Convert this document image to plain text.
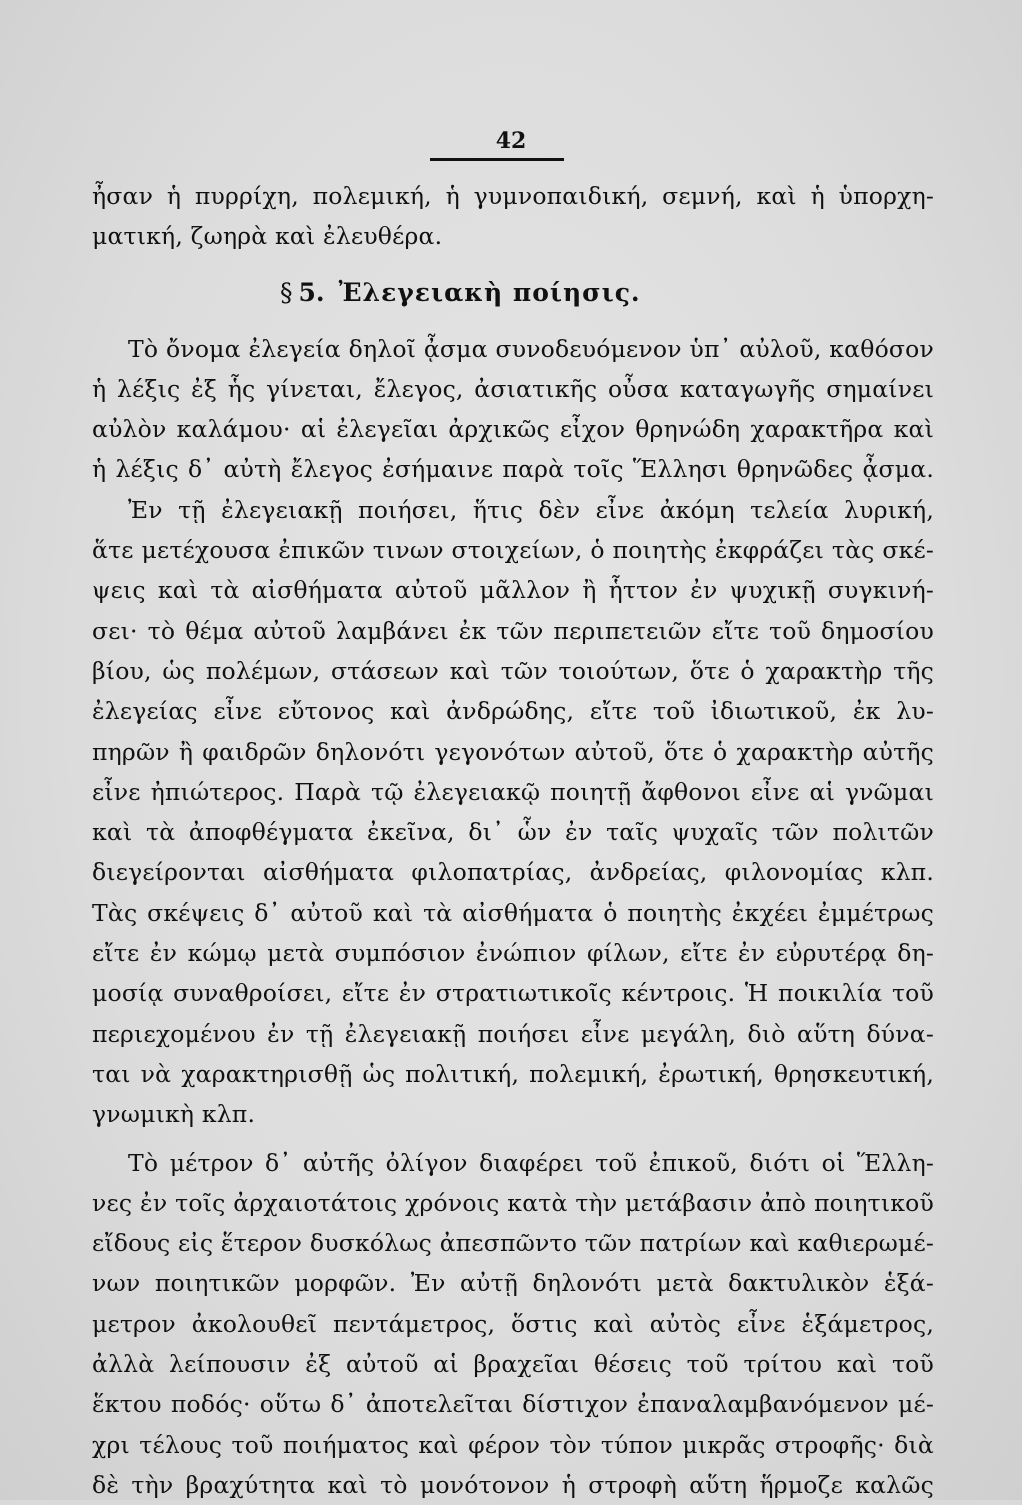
42
ἦσαν ἡ πυρρίχη, πολεμική, ἡ γυμνοπαιδική, σεμνή, καὶ ἡ ὑπορχη-
ματική, ζωηρὰ καὶ ἐλευθέρα.
§ 5. Ἐλεγειακὴ ποίησις.
Τὸ ὄνομα ἐλεγεία δηλοῖ ᾆσμα συνοδευόμενον ὑπ᾽ αὐλοῦ, καθόσον
ἡ λέξις ἐξ ἧς γίνεται, ἔλεγος, ἀσιατικῆς οὖσα καταγωγῆς σημαίνει
αὐλὸν καλάμου· αἱ ἐλεγεῖαι ἀρχικῶς εἶχον θρηνώδη χαρακτῆρα καὶ
ἡ λέξις δ᾽ αὐτὴ ἔλεγος ἐσήμαινε παρὰ τοῖς Ἕλλησι θρηνῶδες ᾆσμα.
Ἐν τῇ ἐλεγειακῇ ποιήσει, ἥτις δὲν εἶνε ἀκόμη τελεία λυρική,
ἅτε μετέχουσα ἐπικῶν τινων στοιχείων, ὁ ποιητὴς ἐκφράζει τὰς σκέ-
ψεις καὶ τὰ αἰσθήματα αὐτοῦ μᾶλλον ἢ ἧττον ἐν ψυχικῇ συγκινή-
σει· τὸ θέμα αὐτοῦ λαμβάνει ἐκ τῶν περιπετειῶν εἴτε τοῦ δημοσίου
βίου, ὡς πολέμων, στάσεων καὶ τῶν τοιούτων, ὅτε ὁ χαρακτὴρ τῆς
ἐλεγείας εἶνε εὔτονος καὶ ἀνδρώδης, εἴτε τοῦ ἰδιωτικοῦ, ἐκ λυ-
πηρῶν ἢ φαιδρῶν δηλονότι γεγονότων αὐτοῦ, ὅτε ὁ χαρακτὴρ αὐτῆς
εἶνε ἠπιώτερος. Παρὰ τῷ ἐλεγειακῷ ποιητῇ ἄφθονοι εἶνε αἱ γνῶμαι
καὶ τὰ ἀποφθέγματα ἐκεῖνα, δι᾽ ὧν ἐν ταῖς ψυχαῖς τῶν πολιτῶν
διεγείρονται αἰσθήματα φιλοπατρίας, ἀνδρείας, φιλονομίας κλπ.
Τὰς σκέψεις δ᾽ αὐτοῦ καὶ τὰ αἰσθήματα ὁ ποιητὴς ἐκχέει ἐμμέτρως
εἴτε ἐν κώμῳ μετὰ συμπόσιον ἐνώπιον φίλων, εἴτε ἐν εὐρυτέρᾳ δη-
μοσίᾳ συναθροίσει, εἴτε ἐν στρατιωτικοῖς κέντροις. Ἡ ποικιλία τοῦ
περιεχομένου ἐν τῇ ἐλεγειακῇ ποιήσει εἶνε μεγάλη, διὸ αὕτη δύνα-
ται νὰ χαρακτηρισθῇ ὡς πολιτική, πολεμική, ἐρωτική, θρησκευτική,
γνωμικὴ κλπ.
Τὸ μέτρον δ᾽ αὐτῆς ὀλίγον διαφέρει τοῦ ἐπικοῦ, διότι οἱ Ἕλλη-
νες ἐν τοῖς ἀρχαιοτάτοις χρόνοις κατὰ τὴν μετάβασιν ἀπὸ ποιητικοῦ
εἴδους εἰς ἕτερον δυσκόλως ἀπεσπῶντο τῶν πατρίων καὶ καθιερωμέ-
νων ποιητικῶν μορφῶν. Ἐν αὐτῇ δηλονότι μετὰ δακτυλικὸν ἑξά-
μετρον ἀκολουθεῖ πεντάμετρος, ὅστις καὶ αὐτὸς εἶνε ἑξάμετρος,
ἀλλὰ λείπουσιν ἐξ αὐτοῦ αἱ βραχεῖαι θέσεις τοῦ τρίτου καὶ τοῦ
ἕκτου ποδός· οὕτω δ᾽ ἀποτελεῖται δίστιχον ἐπαναλαμβανόμενον μέ-
χρι τέλους τοῦ ποιήματος καὶ φέρον τὸν τύπον μικρᾶς στροφῆς· διὰ
δὲ τὴν βραχύτητα καὶ τὸ μονότονον ἡ στροφὴ αὕτη ἥρμοζε καλῶς
